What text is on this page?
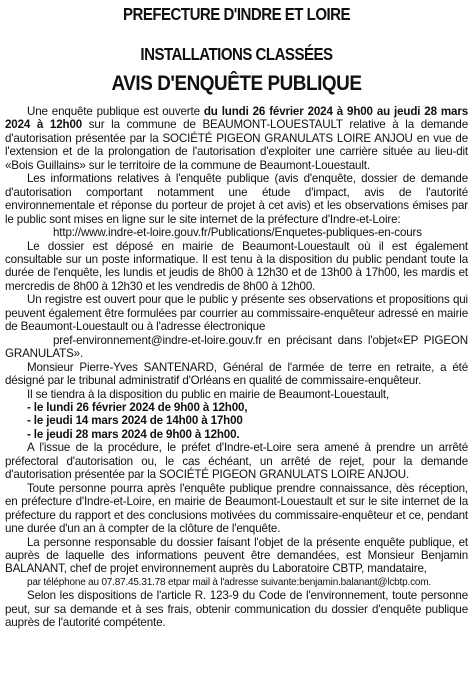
PREFECTURE D'INDRE ET LOIRE
INSTALLATIONS CLASSÉES
AVIS D'ENQUÊTE PUBLIQUE

Une enquête publique est ouverte du lundi 26 février 2024 à 9h00 au jeudi 28 mars 2024 à 12h00 sur la commune de BEAUMONT-LOUESTAULT relative à la demande d'autorisation présentée par la SOCIÉTÉ PIGEON GRANULATS LOIRE ANJOU en vue de l'extension et de la prolongation de l'autorisation d'exploiter une carrière située au lieu-dit «Bois Guillains» sur le territoire de la commune de Beaumont-Louestault.

Les informations relatives à l'enquête publique (avis d'enquête, dossier de demande d'autorisation comportant notamment une étude d'impact, avis de l'autorité environnementale et réponse du porteur de projet à cet avis) et les observations émises par le public sont mises en ligne sur le site internet de la préfecture d'Indre-et-Loire:

http://www.indre-et-loire.gouv.fr/Publications/Enquetes-publiques-en-cours

Le dossier est déposé en mairie de Beaumont-Louestault où il est également consultable sur un poste informatique. Il est tenu à la disposition du public pendant toute la durée de l'enquête, les lundis et jeudis de 8h00 à 12h30 et de 13h00 à 17h00, les mardis et mercredis de 8h00 à 12h30 et les vendredis de 8h00 à 12h00.

Un registre est ouvert pour que le public y présente ses observations et propositions qui peuvent également être formulées par courrier au commissaire-enquêteur adressé en mairie de Beaumont-Louestault ou à l'adresse électronique

pref-environnement@indre-et-loire.gouv.fr en précisant dans l'objet«EP PIGEON GRANULATS».

Monsieur Pierre-Yves SANTENARD, Général de l'armée de terre en retraite, a été désigné par le tribunal administratif d'Orléans en qualité de commissaire-enquêteur.

Il se tiendra à la disposition du public en mairie de Beaumont-Louestault,

- le lundi 26 février 2024 de 9h00 à 12h00,
- le jeudi 14 mars 2024 de 14h00 à 17h00
- le jeudi 28 mars 2024 de 9h00 à 12h00.

A l'issue de la procédure, le préfet d'Indre-et-Loire sera amené à prendre un arrêté préfectoral d'autorisation ou, le cas échéant, un arrêté de rejet, pour la demande d'autorisation présentée par la SOCIÉTÉ PIGEON GRANULATS LOIRE ANJOU.

Toute personne pourra après l'enquête publique prendre connaissance, dès réception, en préfecture d'Indre-et-Loire, en mairie de Beaumont-Louestault et sur le site internet de la préfecture du rapport et des conclusions motivées du commissaire-enquêteur et ce, pendant une durée d'un an à compter de la clôture de l'enquête.

La personne responsable du dossier faisant l'objet de la présente enquête publique, et auprès de laquelle des informations peuvent être demandées, est Monsieur Benjamin BALANANT, chef de projet environnement auprès du Laboratoire CBTP, mandataire,

par téléphone au 07.87.45.31.78 etpar mail à l'adresse suivante:benjamin.balanant@lcbtp.com.

Selon les dispositions de l'article R. 123-9 du Code de l'environnement, toute personne peut, sur sa demande et à ses frais, obtenir communication du dossier d'enquête publique auprès de l'autorité compétente.
